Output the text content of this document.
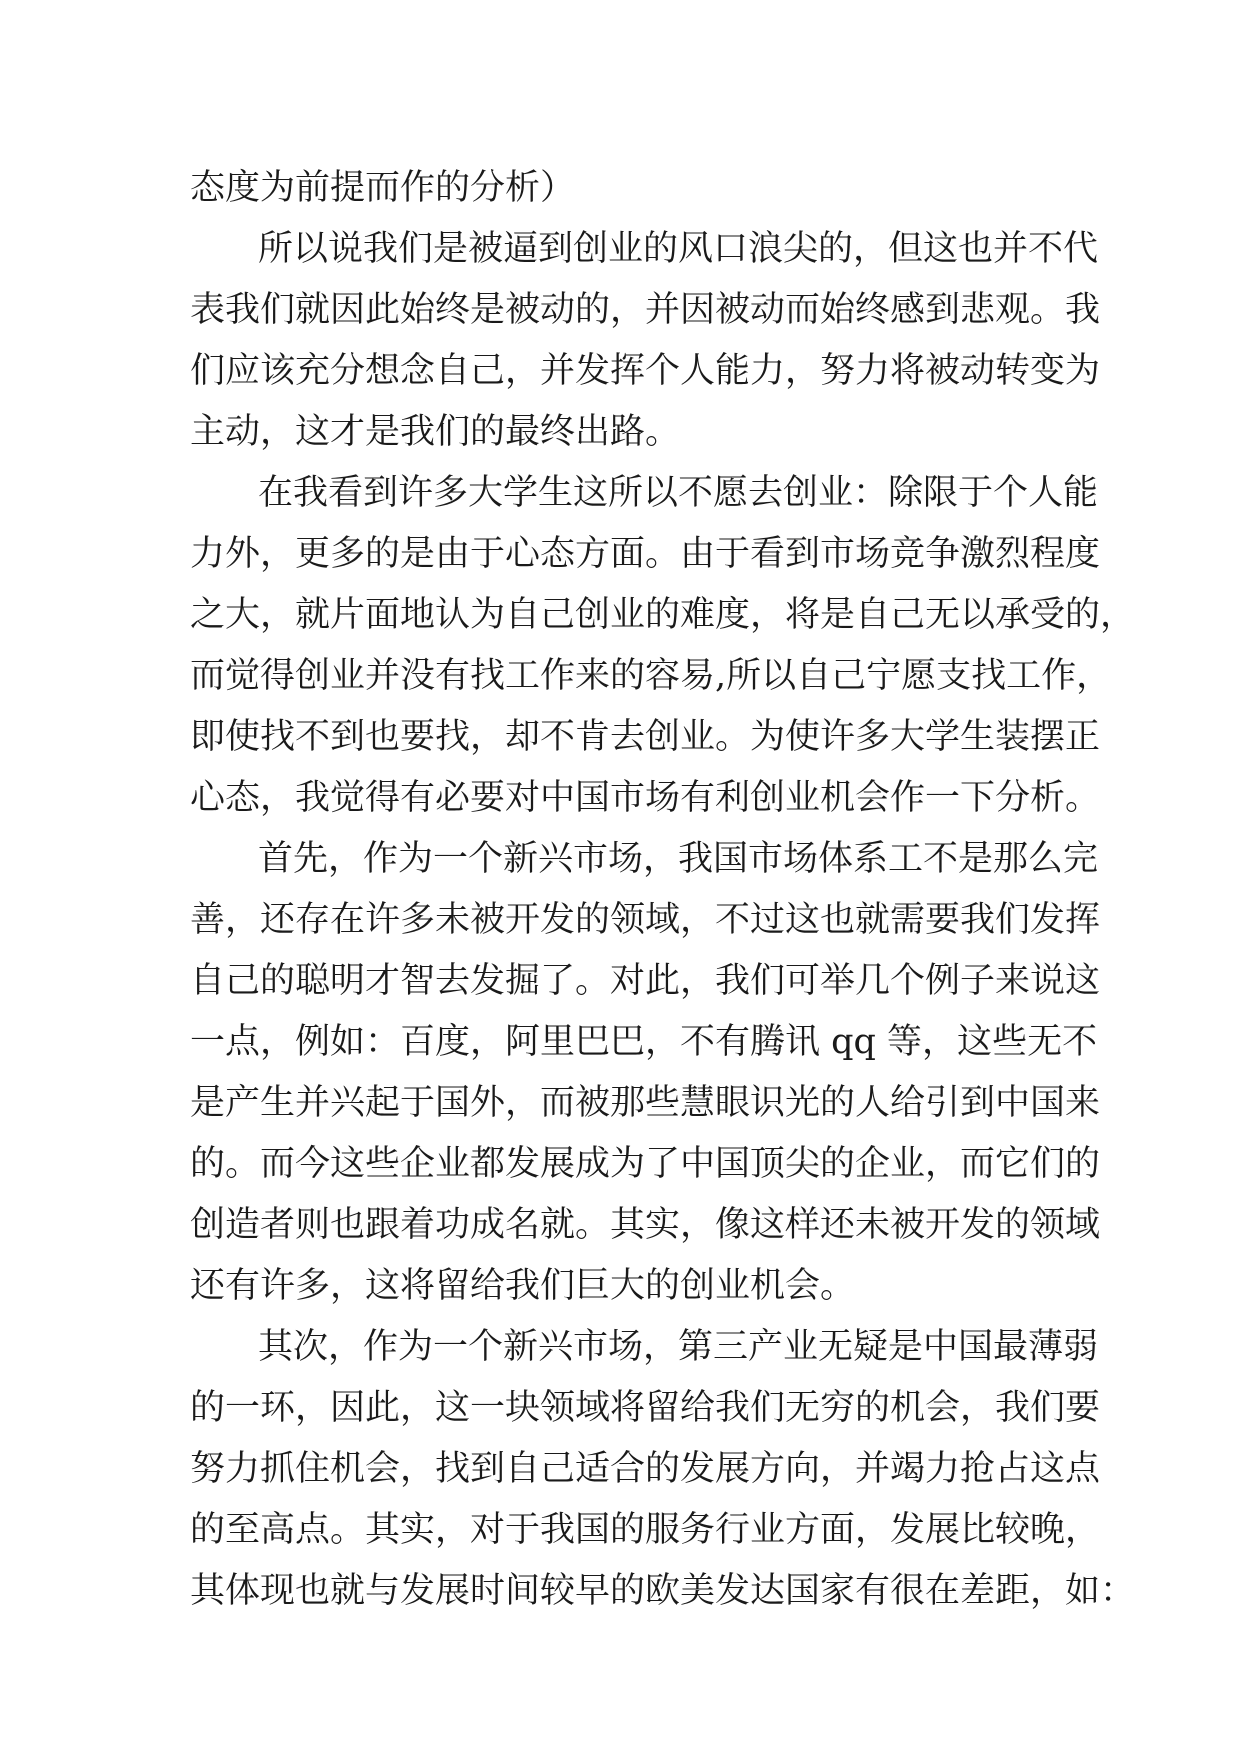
态度为前提而作的分析）
所以说我们是被逼到创业的风口浪尖的，但这也并不代
表我们就因此始终是被动的，并因被动而始终感到悲观。我
们应该充分想念自己，并发挥个人能力，努力将被动转变为
主动，这才是我们的最终出路。
在我看到许多大学生这所以不愿去创业：除限于个人能
力外，更多的是由于心态方面。由于看到市场竞争激烈程度
之大，就片面地认为自己创业的难度，将是自己无以承受的，
而觉得创业并没有找工作来的容易,所以自己宁愿支找工作，
即使找不到也要找，却不肯去创业。为使许多大学生装摆正
心态，我觉得有必要对中国市场有利创业机会作一下分析。
首先，作为一个新兴市场，我国市场体系工不是那么完
善，还存在许多未被开发的领域，不过这也就需要我们发挥
自己的聪明才智去发掘了。对此，我们可举几个例子来说这
一点，例如：百度，阿里巴巴，不有腾讯 qq 等，这些无不
是产生并兴起于国外，而被那些慧眼识光的人给引到中国来
的。而今这些企业都发展成为了中国顶尖的企业，而它们的
创造者则也跟着功成名就。其实，像这样还未被开发的领域
还有许多，这将留给我们巨大的创业机会。
其次，作为一个新兴市场，第三产业无疑是中国最薄弱
的一环，因此，这一块领域将留给我们无穷的机会，我们要
努力抓住机会，找到自己适合的发展方向，并竭力抢占这点
的至高点。其实，对于我国的服务行业方面，发展比较晚，
其体现也就与发展时间较早的欧美发达国家有很在差距，如：
